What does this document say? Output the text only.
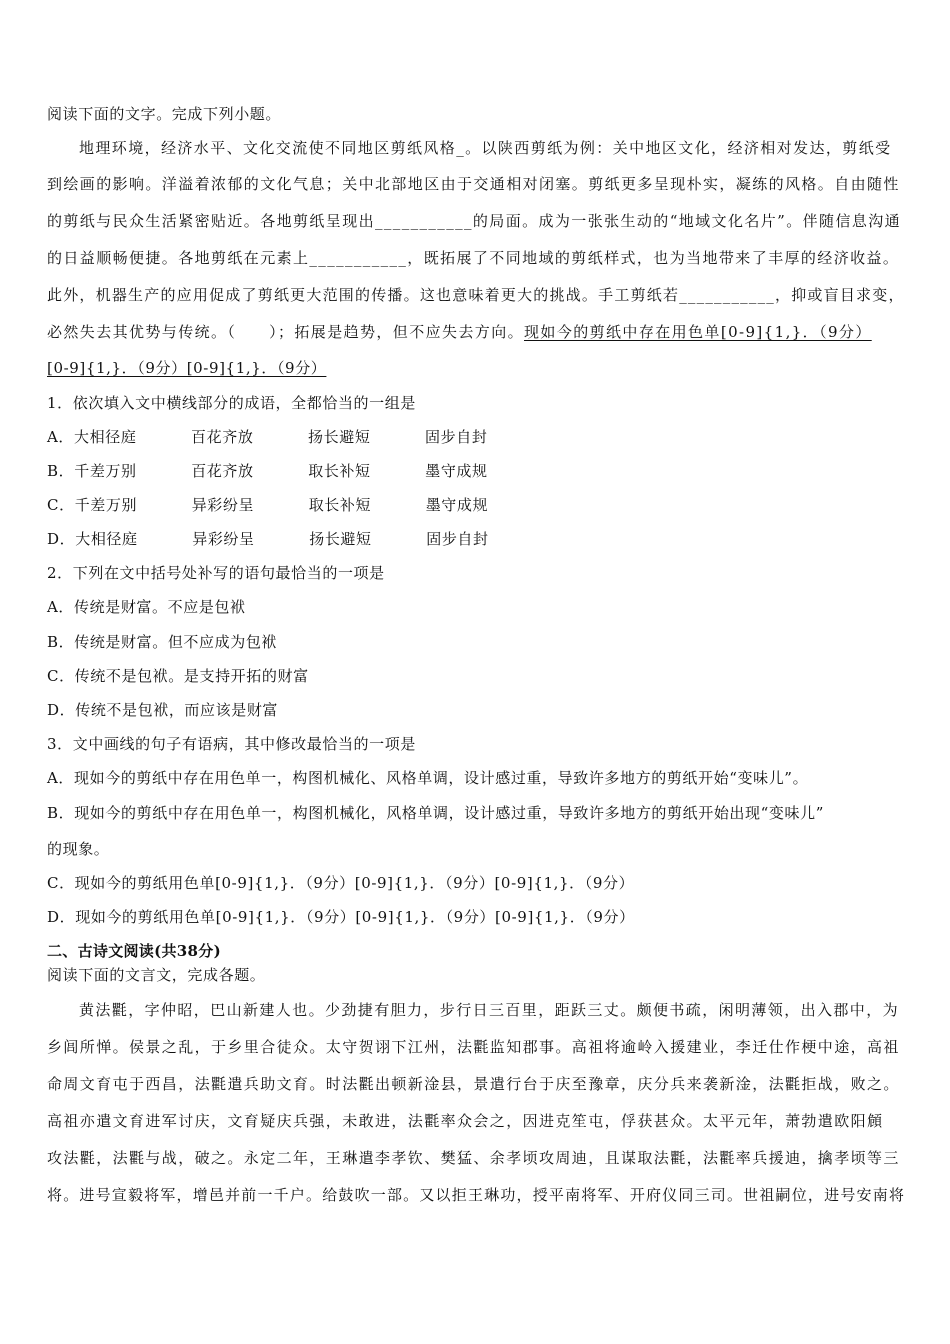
阅读下面的文字。完成下列小题。
地理环境，经济水平、文化交流使不同地区剪纸风格_。以陕西剪纸为例：关中地区文化，经济相对发达，剪纸受
到绘画的影响。洋溢着浓郁的文化气息；关中北部地区由于交通相对闭塞。剪纸更多呈现朴实，凝练的风格。自由随性
的剪纸与民众生活紧密贴近。各地剪纸呈现出___________的局面。成为一张张生动的“地域文化名片”。伴随信息沟通
的日益顺畅便捷。各地剪纸在元素上___________，既拓展了不同地域的剪纸样式，也为当地带来了丰厚的经济收益。
此外，机器生产的应用促成了剪纸更大范围的传播。这也意味着更大的挑战。手工剪纸若___________，抑或盲目求变，
必然失去其优势与传统。（　　）；拓展是趋势，但不应失去方向。现如今的剪纸中存在用色单[0-9]{1,}．（9分）
[0-9]{1,}．（9分）[0-9]{1,}．（9分）
1．依次填入文中横线部分的成语，全都恰当的一组是
A．大相径庭	百花齐放	扬长避短	固步自封
B．千差万别	百花齐放	取长补短	墨守成规
C．千差万别	异彩纷呈	取长补短	墨守成规
D．大相径庭	异彩纷呈	扬长避短	固步自封
2．下列在文中括号处补写的语句最恰当的一项是
A．传统是财富。不应是包袱
B．传统是财富。但不应成为包袱
C．传统不是包袱。是支持开拓的财富
D．传统不是包袱，而应该是财富
3．文中画线的句子有语病，其中修改最恰当的一项是
A．现如今的剪纸中存在用色单一，构图机械化、风格单调，设计感过重，导致许多地方的剪纸开始“变味儿”。
B．现如今的剪纸中存在用色单一，构图机械化，风格单调，设计感过重，导致许多地方的剪纸开始出现“变味儿”
的现象。
C．现如今的剪纸用色单[0-9]{1,}．（9分）[0-9]{1,}．（9分）[0-9]{1,}．（9分）
D．现如今的剪纸用色单[0-9]{1,}．（9分）[0-9]{1,}．（9分）[0-9]{1,}．（9分）
二、古诗文阅读(共38分)
阅读下面的文言文，完成各题。
黄法氍，字仲昭，巴山新建人也。少劲捷有胆力，步行日三百里，距跃三丈。颇便书疏，闲明薄领，出入郡中，为
乡闾所惮。侯景之乱，于乡里合徒众。太守贺诩下江州，法氍监知郡事。高祖将逾岭入援建业，李迁仕作梗中途，高祖
命周文育屯于西昌，法氍遣兵助文育。时法氍出顿新淦县，景遣行台于庆至豫章，庆分兵来袭新淦，法氍拒战，败之。
高祖亦遣文育进军讨庆，文育疑庆兵强，未敢进，法氍率众会之，因进克笙屯，俘获甚众。太平元年，萧勃遣欧阳頠
攻法氍，法氍与战，破之。永定二年，王琳遣李孝钦、樊猛、余孝顷攻周迪，且谋取法氍，法氍率兵援迪，擒孝顷等三
将。进号宣毅将军，增邑并前一千户。给鼓吹一部。又以拒王琳功，授平南将军、开府仪同三司。世祖嗣位，进号安南将
